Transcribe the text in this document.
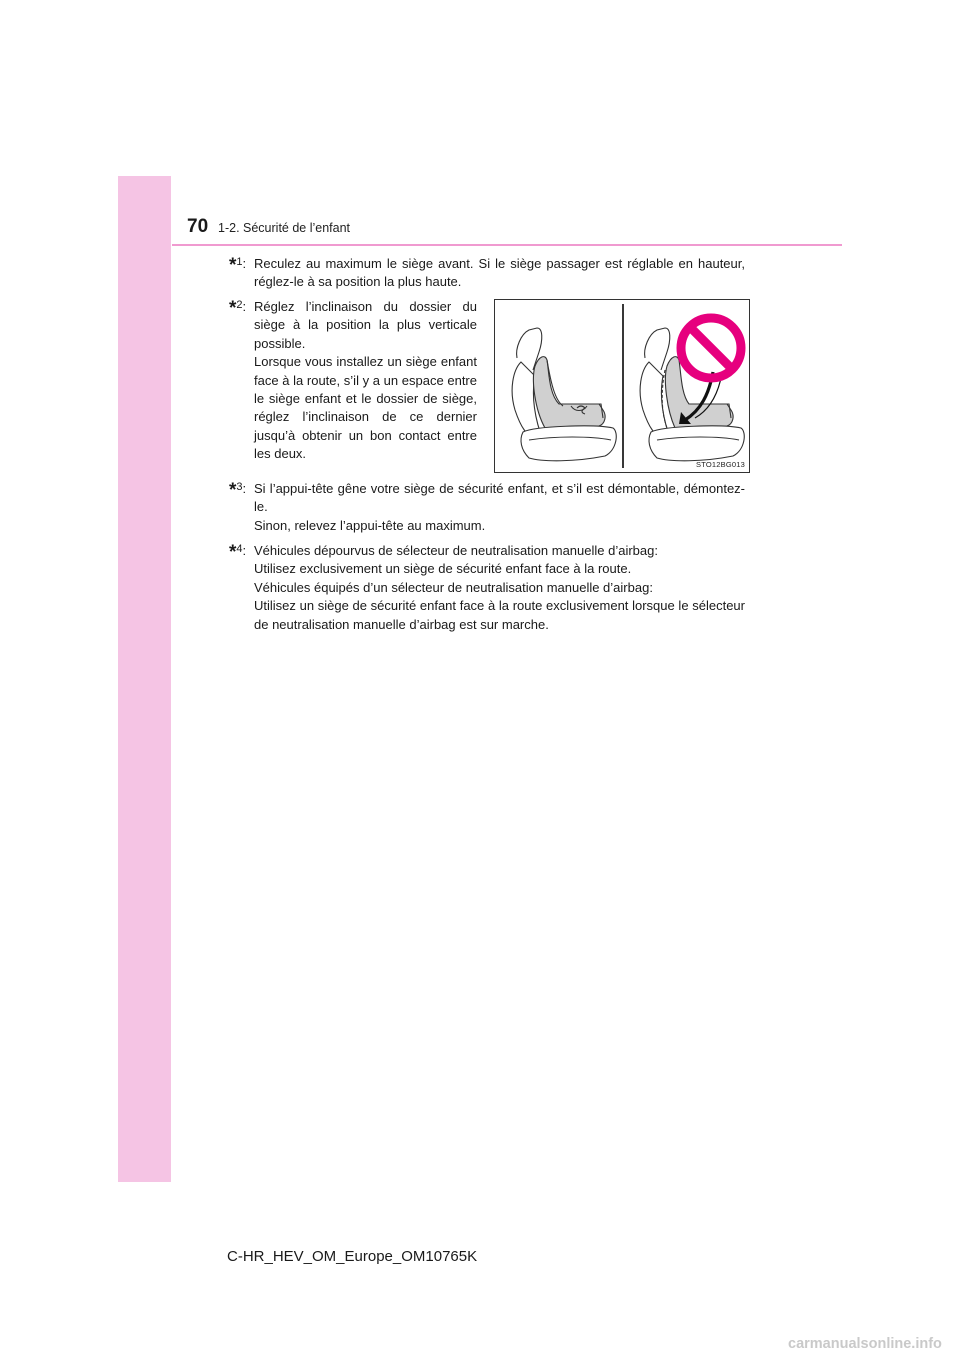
70 1-2. Sécurité de l’enfant
*$^1$: Reculez au maximum le siège avant. Si le siège passager est réglable en hauteur, réglez-le à sa position la plus haute.

*$^2$: Réglez l’inclinaison du dossier du siège à la position la plus verticale possible.

Lorsque vous installez un siège enfant face à la route, s’il y a un espace entre le siège enfant et le dossier de siège, réglez l’inclinaison de ce dernier jusqu’à obtenir un bon contact entre les deux.

STO12BG013
*$^3$: Si l’appui-tête gêne votre siège de sécurité enfant, et s’il est démontable, démontez-le.

Sinon, relevez l’appui-tête au maximum.

*$^4$: Véhicules dépourvus de sélecteur de neutralisation manuelle d’airbag:

Utilisez exclusivement un siège de sécurité enfant face à la route.

Véhicules équipés d’un sélecteur de neutralisation manuelle d’airbag:

Utilisez un siège de sécurité enfant face à la route exclusivement lorsque le sélecteur de neutralisation manuelle d’airbag est sur marche.

C-HR_HEV_OM_Europe_OM10765K
carmanualsonline.info
